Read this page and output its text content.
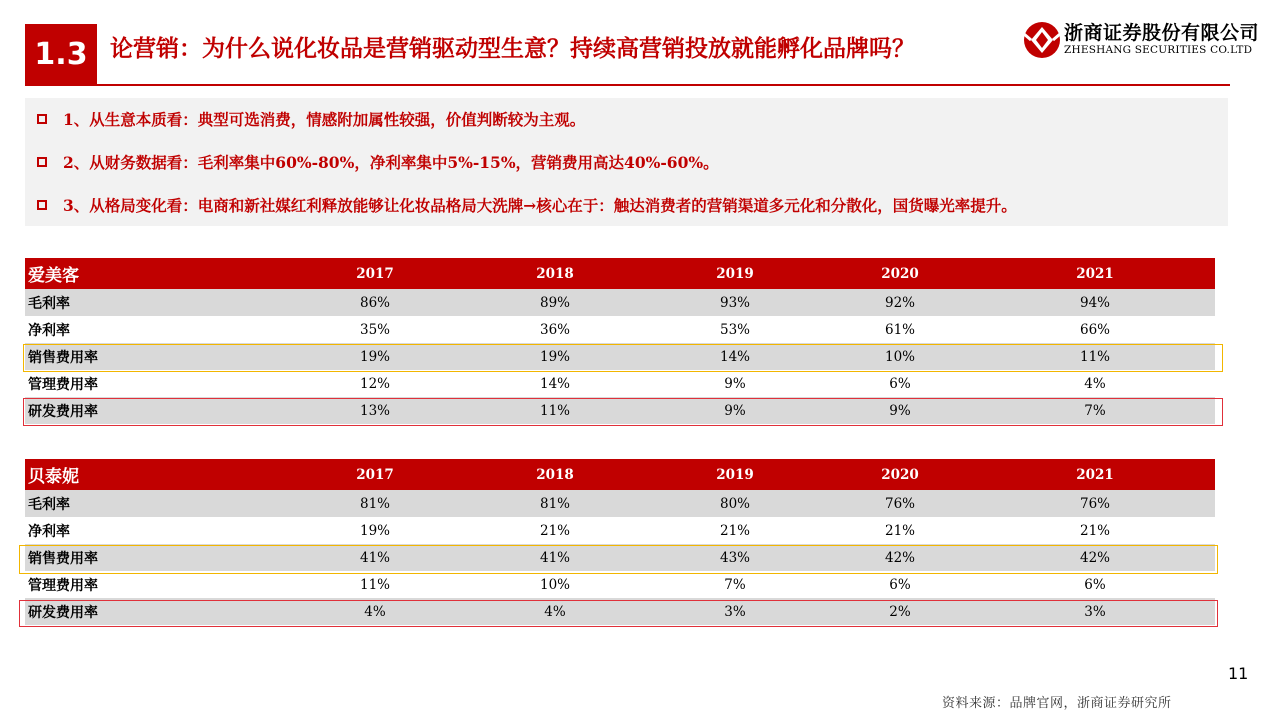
1.3 论营销：为什么说化妆品是营销驱动型生意？持续高营销投放就能孵化品牌吗？
浙商证券股份有限公司
ZHESHANG SECURITIES CO.LTD
1、从生意本质看：典型可选消费，情感附加属性较强，价值判断较为主观。
2、从财务数据看：毛利率集中60%-80%，净利率集中5%-15%，营销费用高达40%-60%。
3、从格局变化看：电商和新社媒红利释放能够让化妆品格局大洗牌→核心在于：触达消费者的营销渠道多元化和分散化，国货曝光率提升。
爱美客	2017	2018	2019	2020	2021
毛利率	86%	89%	93%	92%	94%
净利率	35%	36%	53%	61%	66%
销售费用率	19%	19%	14%	10%	11%
管理费用率	12%	14%	9%	6%	4%
研发费用率	13%	11%	9%	9%	7%
贝泰妮	2017	2018	2019	2020	2021
毛利率	81%	81%	80%	76%	76%
净利率	19%	21%	21%	21%	21%
销售费用率	41%	41%	43%	42%	42%
管理费用率	11%	10%	7%	6%	6%
研发费用率	4%	4%	3%	2%	3%
11
资料来源：品牌官网，浙商证券研究所
